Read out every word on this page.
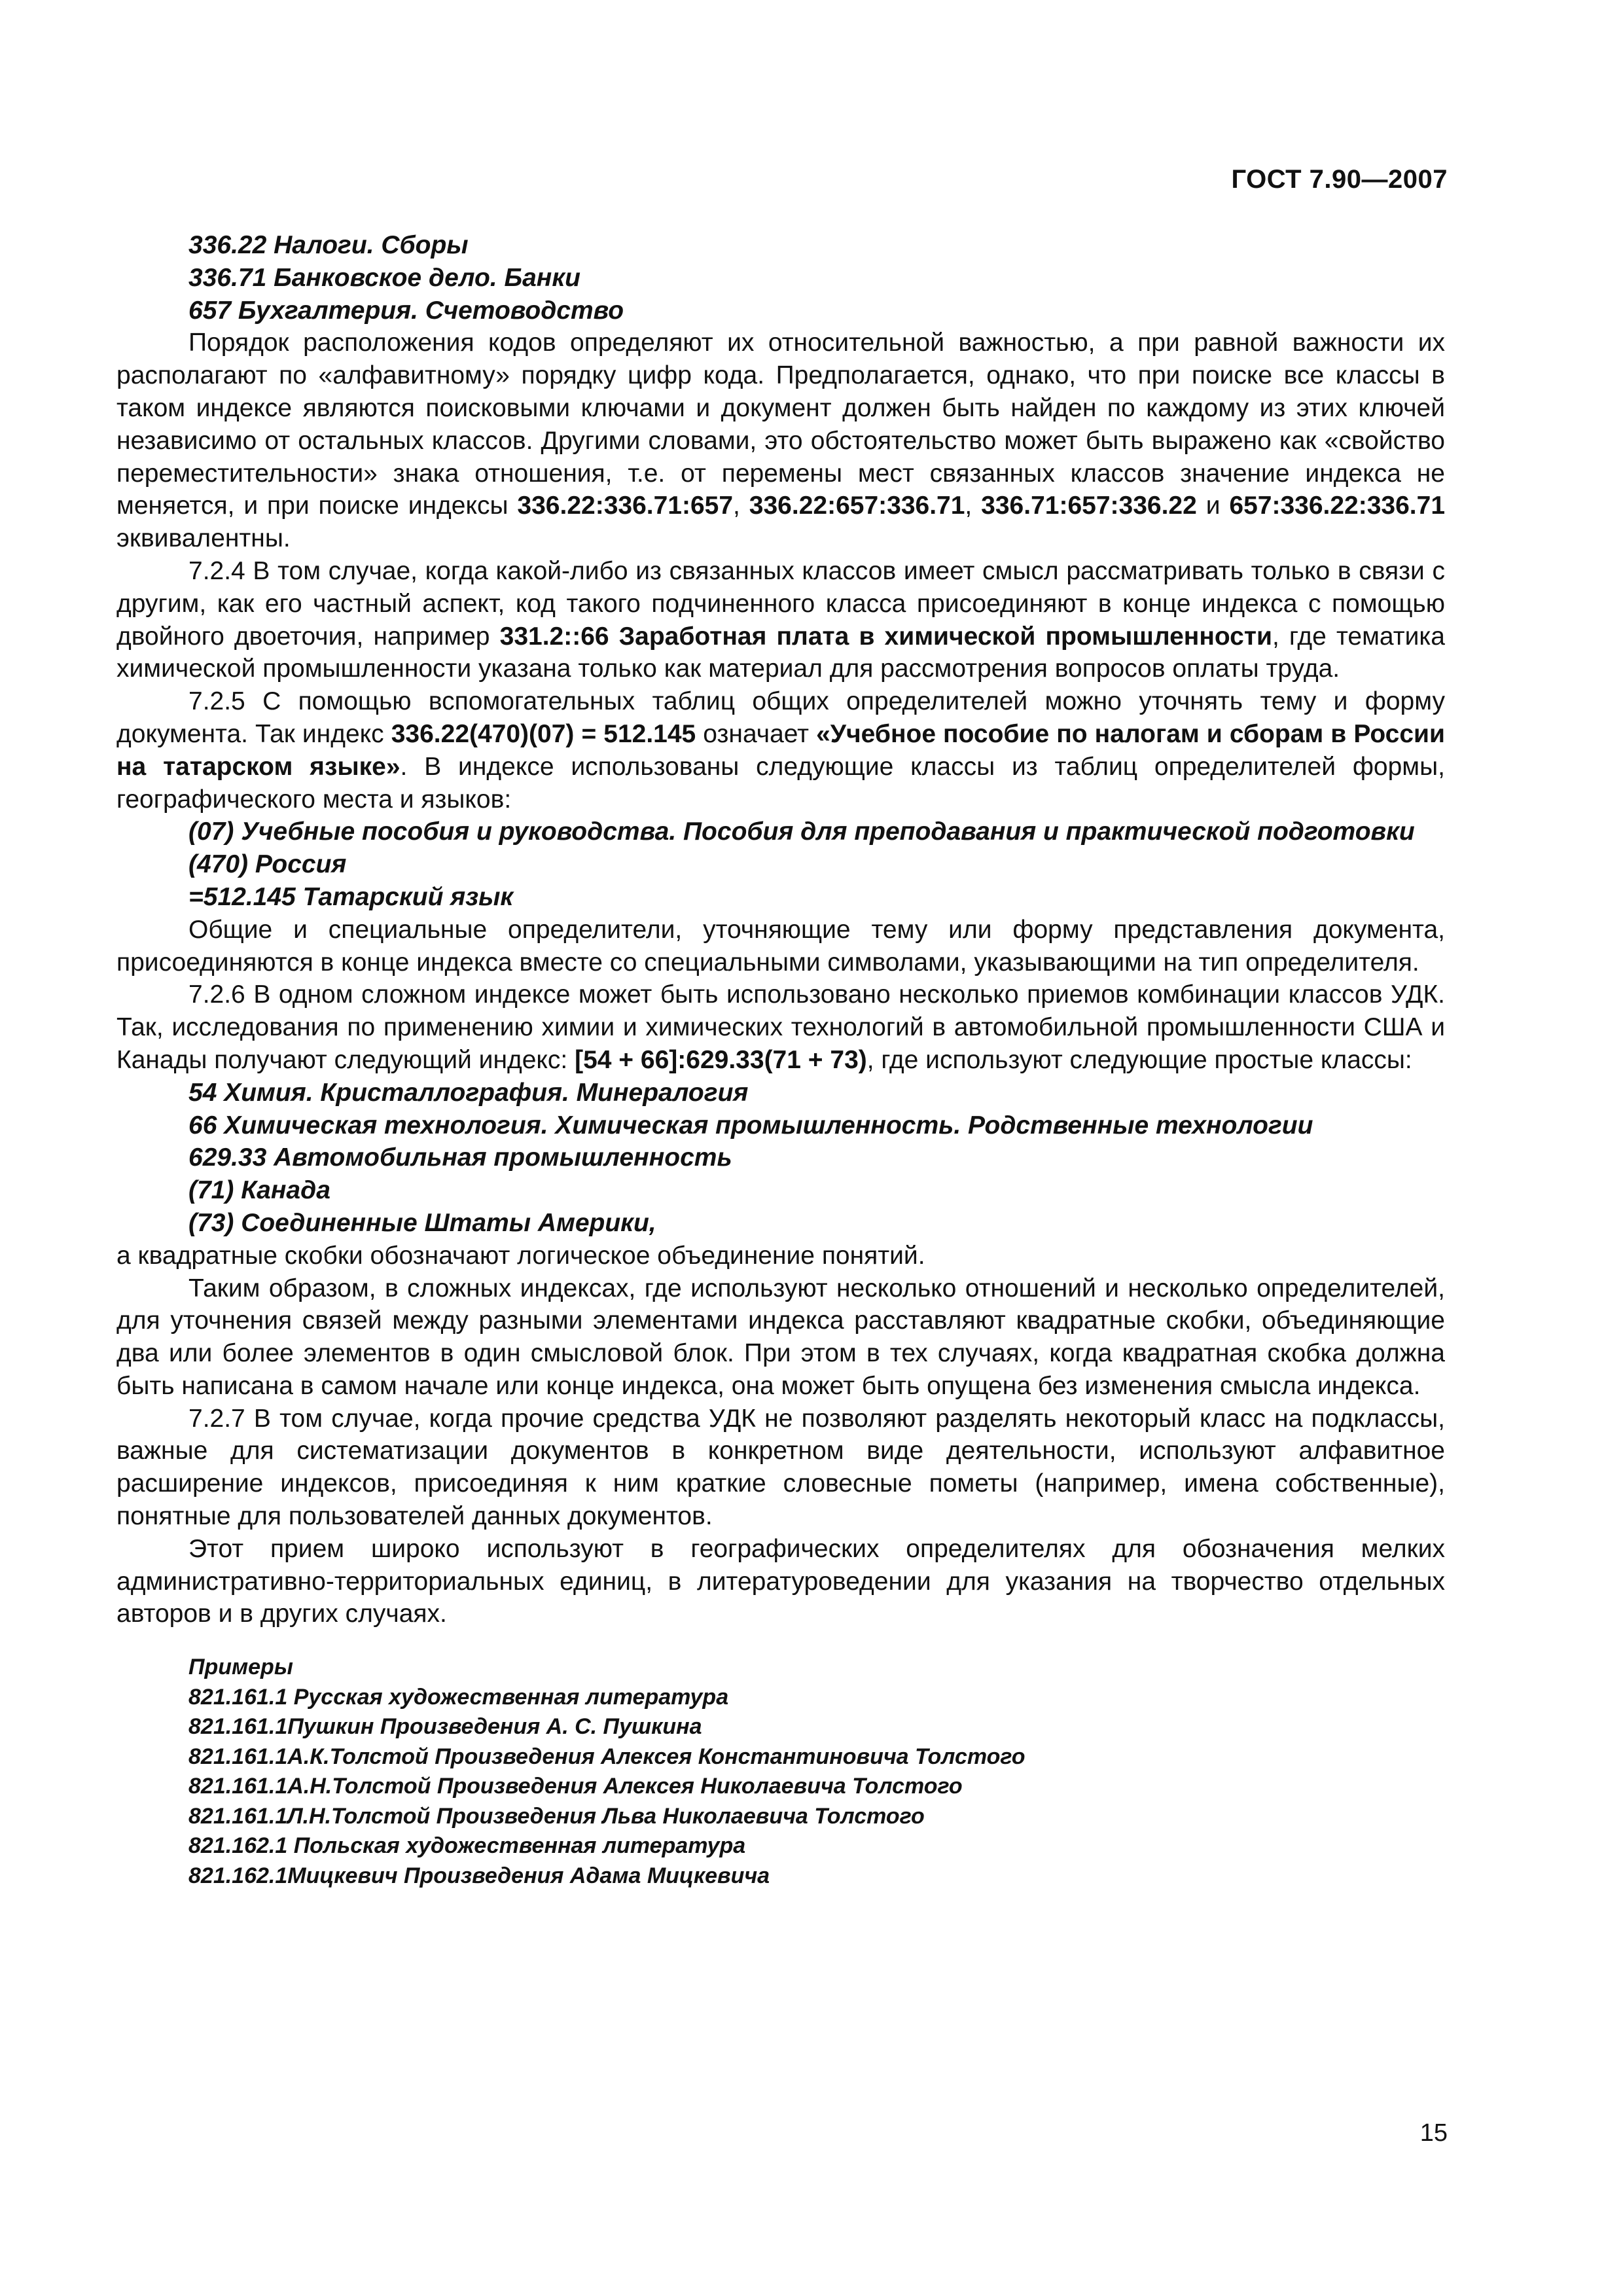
ГОСТ 7.90—2007
336.22 Налоги. Сборы
336.71 Банковское дело. Банки
657 Бухгалтерия. Счетоводство

Порядок расположения кодов определяют их относительной важностью, а при равной важности их располагают по «алфавитному» порядку цифр кода. Предполагается, однако, что при поиске все классы в таком индексе являются поисковыми ключами и документ должен быть найден по каждому из этих ключей независимо от остальных классов. Другими словами, это обстоятельство может быть выражено как «свойство переместительности» знака отношения, т.е. от перемены мест связанных классов значение индекса не меняется, и при поиске индексы 336.22:336.71:657, 336.22:657:336.71, 336.71:657:336.22 и 657:336.22:336.71 эквивалентны.

7.2.4 В том случае, когда какой-либо из связанных классов имеет смысл рассматривать только в связи с другим, как его частный аспект, код такого подчиненного класса присоединяют в конце индекса с помощью двойного двоеточия, например 331.2::66 Заработная плата в химической промышленности, где тематика химической промышленности указана только как материал для рассмотрения вопросов оплаты труда.

7.2.5 С помощью вспомогательных таблиц общих определителей можно уточнять тему и форму документа. Так индекс 336.22(470)(07) = 512.145 означает «Учебное пособие по налогам и сборам в России на татарском языке». В индексе использованы следующие классы из таблиц определителей формы, географического места и языков:

(07) Учебные пособия и руководства. Пособия для преподавания и практической подготовки
(470) Россия
=512.145 Татарский язык

Общие и специальные определители, уточняющие тему или форму представления документа, присоединяются в конце индекса вместе со специальными символами, указывающими на тип определителя.

7.2.6 В одном сложном индексе может быть использовано несколько приемов комбинации классов УДК. Так, исследования по применению химии и химических технологий в автомобильной промышленности США и Канады получают следующий индекс: [54 + 66]:629.33(71 + 73), где используют следующие простые классы:

54 Химия. Кристаллография. Минералогия
66 Химическая технология. Химическая промышленность. Родственные технологии
629.33 Автомобильная промышленность
(71) Канада
(73) Соединенные Штаты Америки,

а квадратные скобки обозначают логическое объединение понятий.

Таким образом, в сложных индексах, где используют несколько отношений и несколько определителей, для уточнения связей между разными элементами индекса расставляют квадратные скобки, объединяющие два или более элементов в один смысловой блок. При этом в тех случаях, когда квадратная скобка должна быть написана в самом начале или конце индекса, она может быть опущена без изменения смысла индекса.

7.2.7 В том случае, когда прочие средства УДК не позволяют разделять некоторый класс на подклассы, важные для систематизации документов в конкретном виде деятельности, используют алфавитное расширение индексов, присоединяя к ним краткие словесные пометы (например, имена собственные), понятные для пользователей данных документов.

Этот прием широко используют в географических определителях для обозначения мелких административно-территориальных единиц, в литературоведении для указания на творчество отдельных авторов и в других случаях.

Примеры
821.161.1 Русская художественная литература
821.161.1Пушкин Произведения А. С. Пушкина
821.161.1А.К.Толстой Произведения Алексея Константиновича Толстого
821.161.1А.Н.Толстой Произведения Алексея Николаевича Толстого
821.161.1Л.Н.Толстой Произведения Льва Николаевича Толстого
821.162.1 Польская художественная литература
821.162.1Мицкевич Произведения Адама Мицкевича
15
